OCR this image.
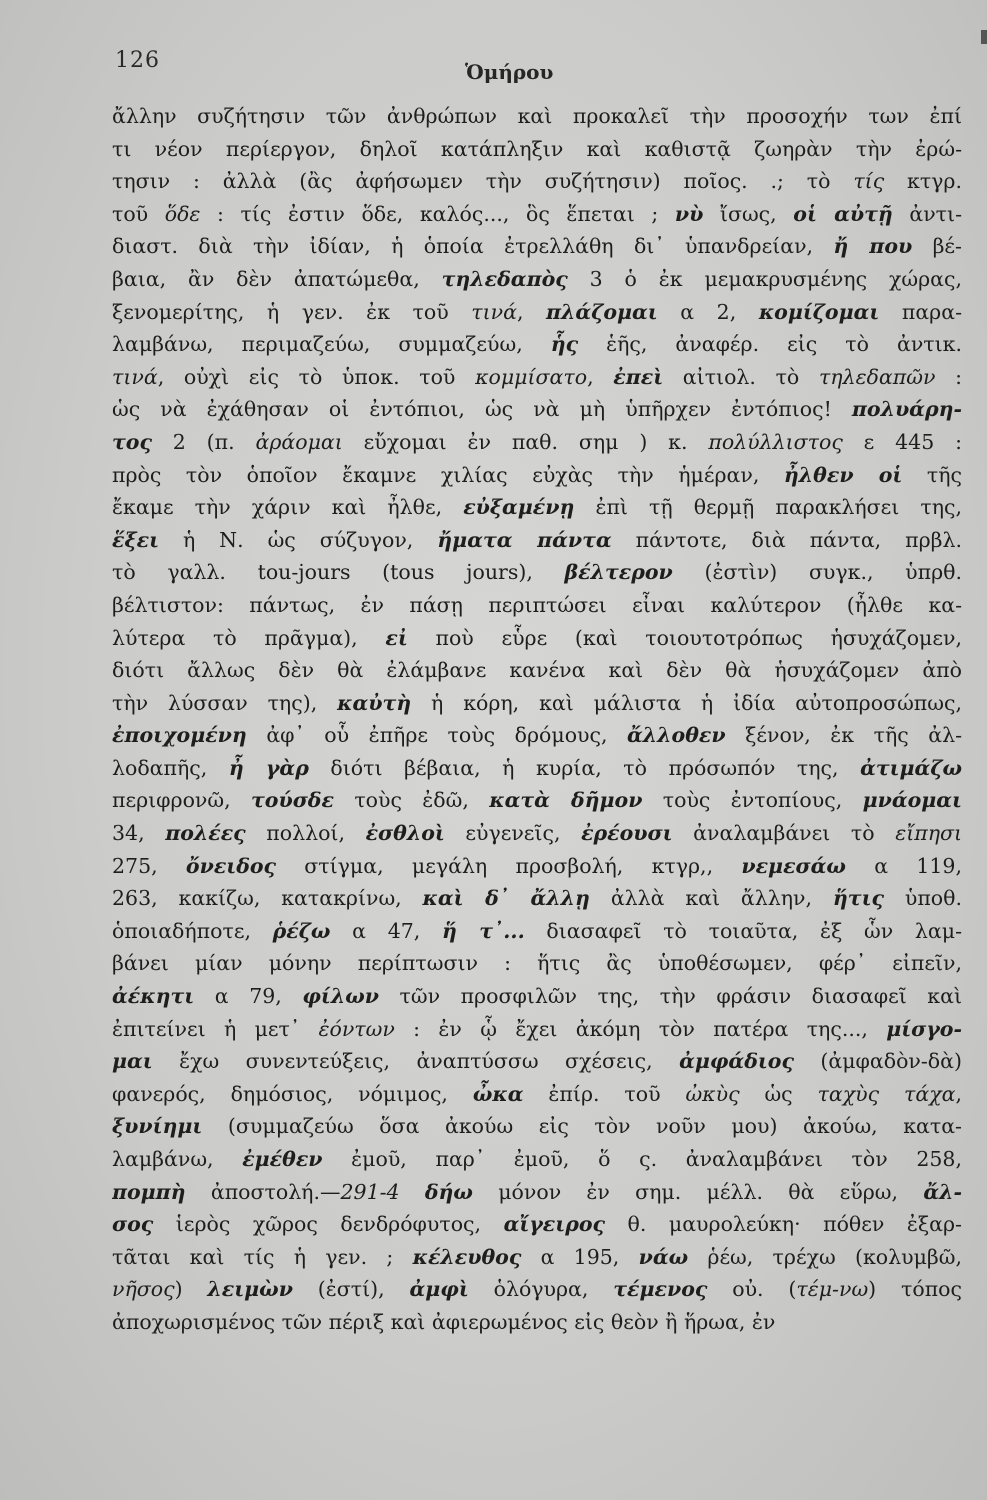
126	Ὁμήρου
ἄλλην συζήτησιν τῶν ἀνθρώπων καὶ προκαλεῖ τὴν προσοχήν των ἐπί
τι νέον περίεργον, δηλοῖ κατάπληξιν καὶ καθιστᾷ ζωηρὰν τὴν ἐρώ-
τησιν : ἀλλὰ (ἂς ἀφήσωμεν τὴν συζήτησιν) ποῖος. .; τὸ τίς κτγρ.
τοῦ ὅδε : τίς ἐστιν ὅδε, καλός..., ὃς ἕπεται ; νὺ ἴσως, οἱ αὐτῇ ἀντι-
διαστ. διὰ τὴν ἰδίαν, ἡ ὁποία ἐτρελλάθη δι᾽ ὑπανδρείαν, ἤ που βέ-
βαια, ἂν δὲν ἀπατώμεθα, τηλεδαπὸς 3 ὁ ἐκ μεμακρυσμένης χώρας,
ξενομερίτης, ἡ γεν. ἐκ τοῦ τινά, πλάζομαι α 2, κομίζομαι παρα-
λαμβάνω, περιμαζεύω, συμμαζεύω, ἧς ἑῆς, ἀναφέρ. εἰς τὸ ἀντικ.
τινά, οὐχὶ εἰς τὸ ὑποκ. τοῦ κομμίσατο, ἐπεὶ αἰτιολ. τὸ τηλεδαπῶν :
ὡς νὰ ἐχάθησαν οἱ ἐντόπιοι, ὡς νὰ μὴ ὑπῆρχεν ἐντόπιος! πολυάρη-
τος 2 (π. ἀράομαι εὔχομαι ἐν παθ. σημ ) κ. πολύλλιστος ε 445 :
πρὸς τὸν ὁποῖον ἔκαμνε χιλίας εὐχὰς τὴν ἡμέραν, ἦλθεν οἱ τῆς
ἔκαμε τὴν χάριν καὶ ἦλθε, εὐξαμένῃ ἐπὶ τῇ θερμῇ παρακλήσει της,
ἕξει ἡ Ν. ὡς σύζυγον, ἤματα πάντα πάντοτε, διὰ πάντα, πρβλ.
τὸ γαλλ. tou-jours (tous jours), βέλτερον (ἐστὶν) συγκ., ὑπρθ.
βέλτιστον: πάντως, ἐν πάσῃ περιπτώσει εἶναι καλύτερον (ἦλθε κα-
λύτερα τὸ πρᾶγμα), εἰ ποὺ εὗρε (καὶ τοιουτοτρόπως ἡσυχάζομεν,
διότι ἄλλως δὲν θὰ ἐλάμβανε κανένα καὶ δὲν θὰ ἡσυχάζομεν ἀπὸ
τὴν λύσσαν της), καὐτὴ ἡ κόρη, καὶ μάλιστα ἡ ἰδία αὐτοπροσώπως,
ἐποιχομένη ἀφ᾽ οὗ ἐπῆρε τοὺς δρόμους, ἄλλοθεν ξένον, ἐκ τῆς ἀλ-
λοδαπῆς, ἦ γὰρ διότι βέβαια, ἡ κυρία, τὸ πρόσωπόν της, ἀτιμάζω
περιφρονῶ, τούσδε τοὺς ἐδῶ, κατὰ δῆμον τοὺς ἐντοπίους, μνάομαι
34, πολέες πολλοί, ἐσθλοὶ εὐγενεῖς, ἐρέουσι ἀναλαμβάνει τὸ εἴπησι
275, ὄνειδος στίγμα, μεγάλη προσβολή, κτγρ,, νεμεσάω α 119,
263, κακίζω, κατακρίνω, καὶ δ᾽ ἄλλῃ ἀλλὰ καὶ ἄλλην, ἥτις ὑποθ.
ὁποιαδήποτε, ῥέζω α 47, ἥ τ᾽... διασαφεῖ τὸ τοιαῦτα, ἐξ ὧν λαμ-
βάνει μίαν μόνην περίπτωσιν : ἥτις ἂς ὑποθέσωμεν, φέρ᾽ εἰπεῖν,
ἀέκητι α 79, φίλων τῶν προσφιλῶν της, τὴν φράσιν διασαφεῖ καὶ
ἐπιτείνει ἡ μετ᾽ ἐόντων : ἐν ᾧ ἔχει ἀκόμη τὸν πατέρα της..., μίσγο-
μαι ἔχω συνεντεύξεις, ἀναπτύσσω σχέσεις, ἀμφάδιος (ἀμφαδὸν-δὰ)
φανερός, δημόσιος, νόμιμος, ὦκα ἐπίρ. τοῦ ὠκὺς ὡς ταχὺς τάχα,
ξυνίημι (συμμαζεύω ὅσα ἀκούω εἰς τὸν νοῦν μου) ἀκούω, κατα-
λαμβάνω, ἐμέθεν ἐμοῦ, παρ᾽ ἐμοῦ, ὅ ς. ἀναλαμβάνει τὸν 258,
πομπὴ ἀποστολή.—291-4 δήω μόνον ἐν σημ. μέλλ. θὰ εὕρω, ἄλ-
σος ἱερὸς χῶρος δενδρόφυτος, αἴγειρος θ. μαυρολεύκη· πόθεν ἐξαρ-
τᾶται καὶ τίς ἡ γεν. ; κέλευθος α 195, νάω ῥέω, τρέχω (κολυμβῶ,
νῆσος) λειμὼν (ἐστί), ἀμφὶ ὁλόγυρα, τέμενος οὐ. (τέμ-νω) τόπος
ἀποχωρισμένος τῶν πέριξ καὶ ἀφιερωμένος εἰς θεὸν ἢ ἥρωα, ἐν
